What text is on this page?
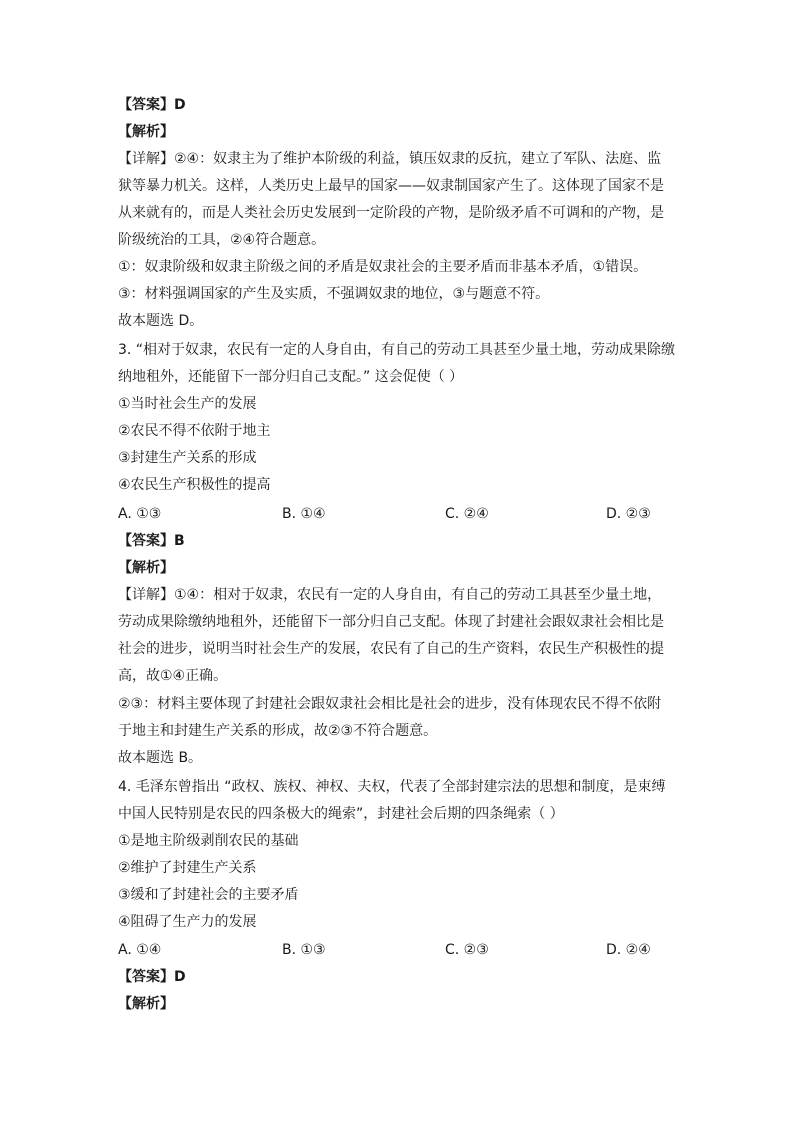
【答案】D
【解析】
【详解】②④：奴隶主为了维护本阶级的利益，镇压奴隶的反抗，建立了军队、法庭、监
狱等暴力机关。这样，人类历史上最早的国家——奴隶制国家产生了。这体现了国家不是
从来就有的，而是人类社会历史发展到一定阶段的产物，是阶级矛盾不可调和的产物，是
阶级统治的工具，②④符合题意。
①：奴隶阶级和奴隶主阶级之间的矛盾是奴隶社会的主要矛盾而非基本矛盾，①错误。
③：材料强调国家的产生及实质，不强调奴隶的地位，③与题意不符。
故本题选 D。
3. “相对于奴隶，农民有一定的人身自由，有自己的劳动工具甚至少量土地，劳动成果除缴
纳地租外，还能留下一部分归自己支配。” 这会促使（ ）
①当时社会生产的发展
②农民不得不依附于地主
③封建生产关系的形成
④农民生产积极性的提高
A. ①③	B. ①④	C. ②④	D. ②③
【答案】B
【解析】
【详解】①④：相对于奴隶，农民有一定的人身自由，有自己的劳动工具甚至少量土地，
劳动成果除缴纳地租外，还能留下一部分归自己支配。体现了封建社会跟奴隶社会相比是
社会的进步，说明当时社会生产的发展，农民有了自己的生产资料，农民生产积极性的提
高，故①④正确。
②③：材料主要体现了封建社会跟奴隶社会相比是社会的进步，没有体现农民不得不依附
于地主和封建生产关系的形成，故②③不符合题意。
故本题选 B。
4. 毛泽东曾指出 “政权、族权、神权、夫权，代表了全部封建宗法的思想和制度，是束缚
中国人民特别是农民的四条极大的绳索”，封建社会后期的四条绳索（ ）
①是地主阶级剥削农民的基础
②维护了封建生产关系
③缓和了封建社会的主要矛盾
④阻碍了生产力的发展
A. ①④	B. ①③	C. ②③	D. ②④
【答案】D
【解析】
